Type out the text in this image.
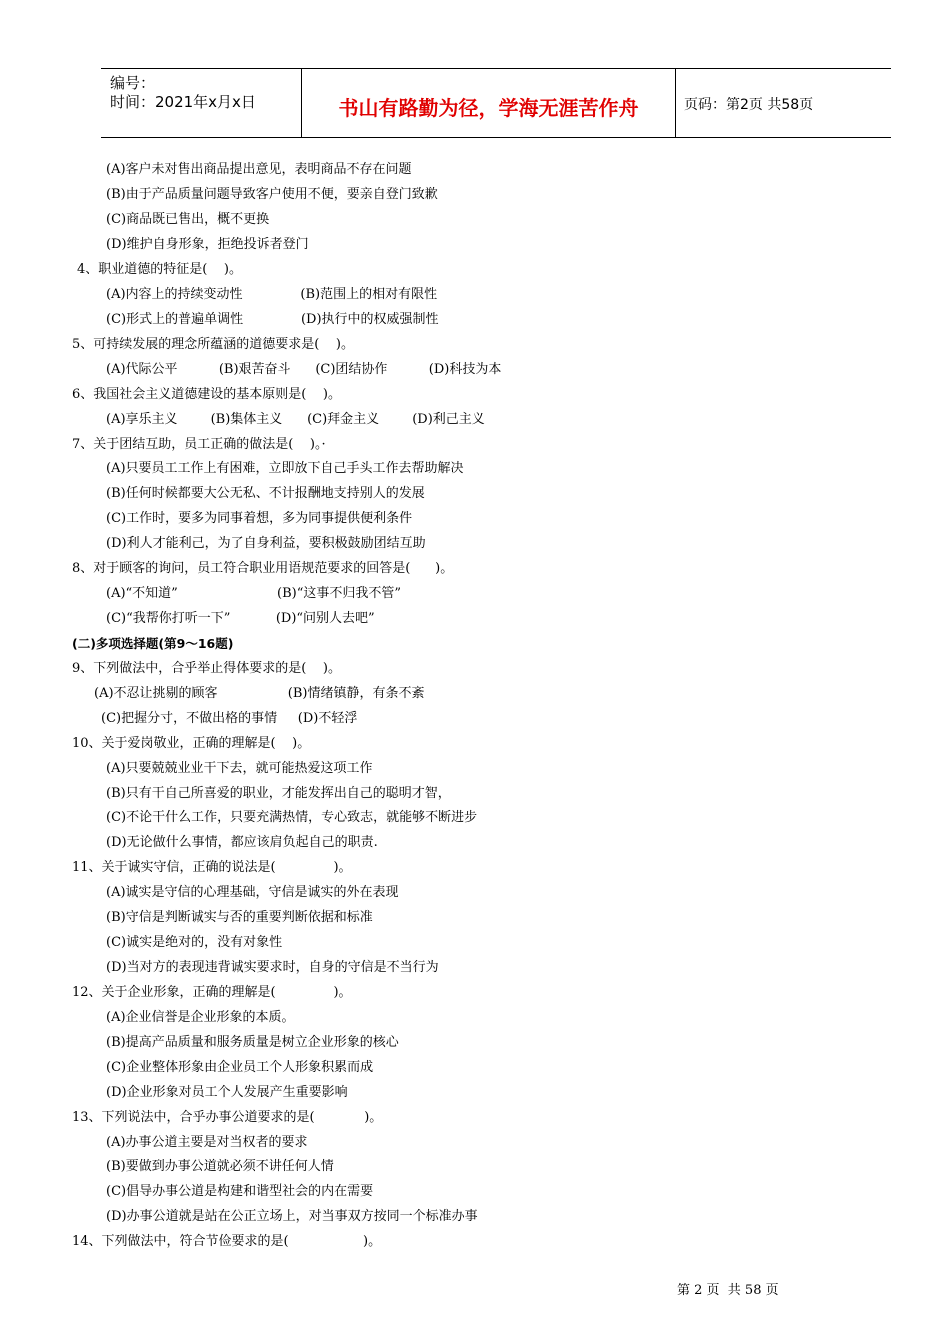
编号：
时间：2021年x月x日	书山有路勤为径，学海无涯苦作舟	页码：第2页 共58页
(A)客户未对售出商品提出意见，表明商品不存在问题
(B)由于产品质量问题导致客户使用不便，要亲自登门致歉
(C)商品既已售出，概不更换
(D)维护自身形象，拒绝投诉者登门
4、职业道德的特征是(    )。
(A)内容上的持续变动性              (B)范围上的相对有限性
(C)形式上的普遍单调性              (D)执行中的权威强制性
5、可持续发展的理念所蕴涵的道德要求是(    )。
(A)代际公平          (B)艰苦奋斗      (C)团结协作          (D)科技为本
6、我国社会主义道德建设的基本原则是(    )。
(A)享乐主义        (B)集体主义      (C)拜金主义        (D)利己主义
7、关于团结互助，员工正确的做法是(    )。·
(A)只要员工工作上有困难，立即放下自己手头工作去帮助解决
(B)任何时候都要大公无私、不计报酬地支持别人的发展
(C)工作时，要多为同事着想，多为同事提供便利条件
(D)利人才能利己，为了自身利益，要积极鼓励团结互助
8、对于顾客的询问，员工符合职业用语规范要求的回答是(      )。
(A)“不知道”                        (B)“这事不归我不管”
(C)“我帮你打听一下”           (D)“问别人去吧”
(二)多项选择题(第9～16题)
9、下列做法中，合乎举止得体要求的是(    )。
(A)不忍让挑剔的顾客                 (B)情绪镇静，有条不紊
(C)把握分寸，不做出格的事情     (D)不轻浮
10、关于爱岗敬业，正确的理解是(    )。
(A)只要兢兢业业干下去，就可能热爱这项工作
(B)只有干自己所喜爱的职业，才能发挥出自己的聪明才智，
(C)不论干什么工作，只要充满热情，专心致志，就能够不断进步
(D)无论做什么事情，都应该肩负起自己的职责.
11、关于诚实守信，正确的说法是(              )。
(A)诚实是守信的心理基础，守信是诚实的外在表现
(B)守信是判断诚实与否的重要判断依据和标准
(C)诚实是绝对的，没有对象性
(D)当对方的表现违背诚实要求时，自身的守信是不当行为
12、关于企业形象，正确的理解是(              )。
(A)企业信誉是企业形象的本质。
(B)提高产品质量和服务质量是树立企业形象的核心
(C)企业整体形象由企业员工个人形象积累而成
(D)企业形象对员工个人发展产生重要影响
13、下列说法中，合乎办事公道要求的是(            )。
(A)办事公道主要是对当权者的要求
(B)要做到办事公道就必须不讲任何人情
(C)倡导办事公道是构建和谐型社会的内在需要
(D)办事公道就是站在公正立场上，对当事双方按同一个标准办事
14、下列做法中，符合节俭要求的是(                  )。
第 2 页  共 58 页
